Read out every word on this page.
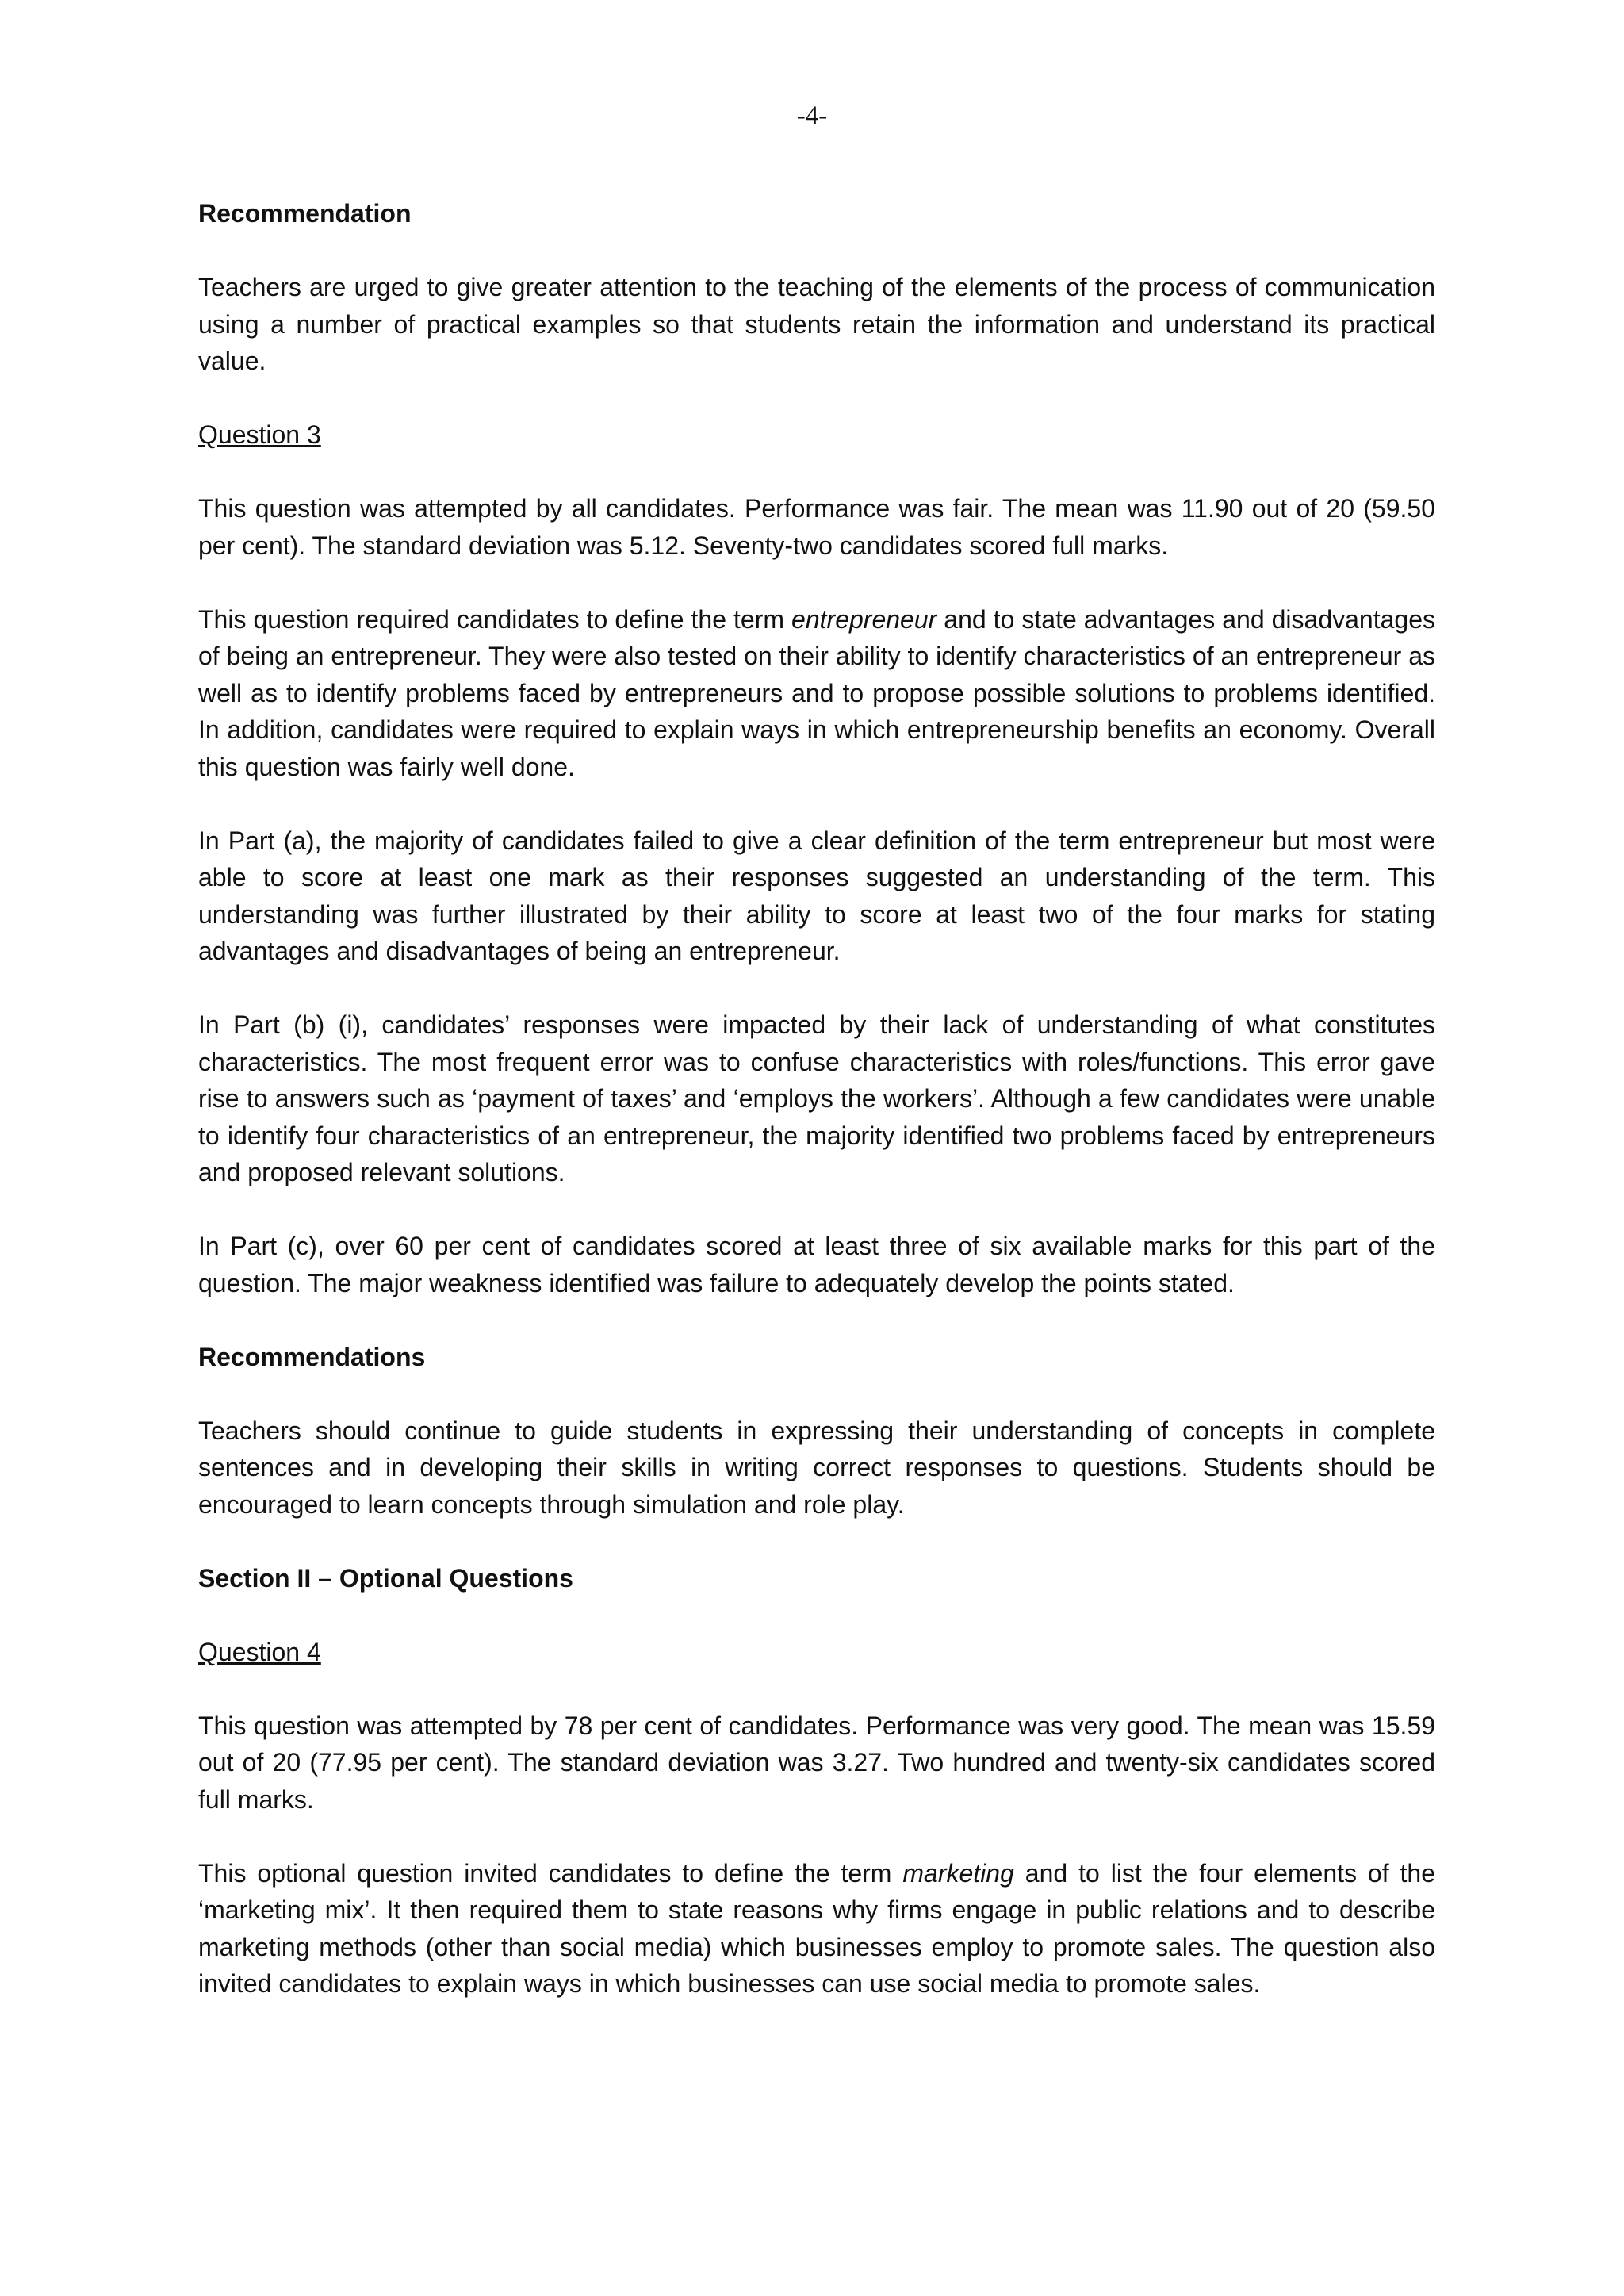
-4-
Recommendation
Teachers are urged to give greater attention to the teaching of the elements of the process of communication using a number of practical examples so that students retain the information and understand its practical value.
Question 3
This question was attempted by all candidates. Performance was fair. The mean was 11.90 out of 20 (59.50 per cent). The standard deviation was 5.12. Seventy-two candidates scored full marks.
This question required candidates to define the term entrepreneur and to state advantages and disadvantages of being an entrepreneur. They were also tested on their ability to identify characteristics of an entrepreneur as well as to identify problems faced by entrepreneurs and to propose possible solutions to problems identified. In addition, candidates were required to explain ways in which entrepreneurship benefits an economy. Overall this question was fairly well done.
In Part (a), the majority of candidates failed to give a clear definition of the term entrepreneur but most were able to score at least one mark as their responses suggested an understanding of the term. This understanding was further illustrated by their ability to score at least two of the four marks for stating advantages and disadvantages of being an entrepreneur.
In Part (b) (i), candidates’ responses were impacted by their lack of understanding of what constitutes characteristics. The most frequent error was to confuse characteristics with roles/functions. This error gave rise to answers such as ‘payment of taxes’ and ‘employs the workers’. Although a few candidates were unable to identify four characteristics of an entrepreneur, the majority identified two problems faced by entrepreneurs and proposed relevant solutions.
In Part (c), over 60 per cent of candidates scored at least three of six available marks for this part of the question. The major weakness identified was failure to adequately develop the points stated.
Recommendations
Teachers should continue to guide students in expressing their understanding of concepts in complete sentences and in developing their skills in writing correct responses to questions. Students should be encouraged to learn concepts through simulation and role play.
Section II – Optional Questions
Question 4
This question was attempted by 78 per cent of candidates. Performance was very good. The mean was 15.59 out of 20 (77.95 per cent). The standard deviation was 3.27. Two hundred and twenty-six candidates scored full marks.
This optional question invited candidates to define the term marketing and to list the four elements of the ‘marketing mix’. It then required them to state reasons why firms engage in public relations and to describe marketing methods (other than social media) which businesses employ to promote sales. The question also invited candidates to explain ways in which businesses can use social media to promote sales.
